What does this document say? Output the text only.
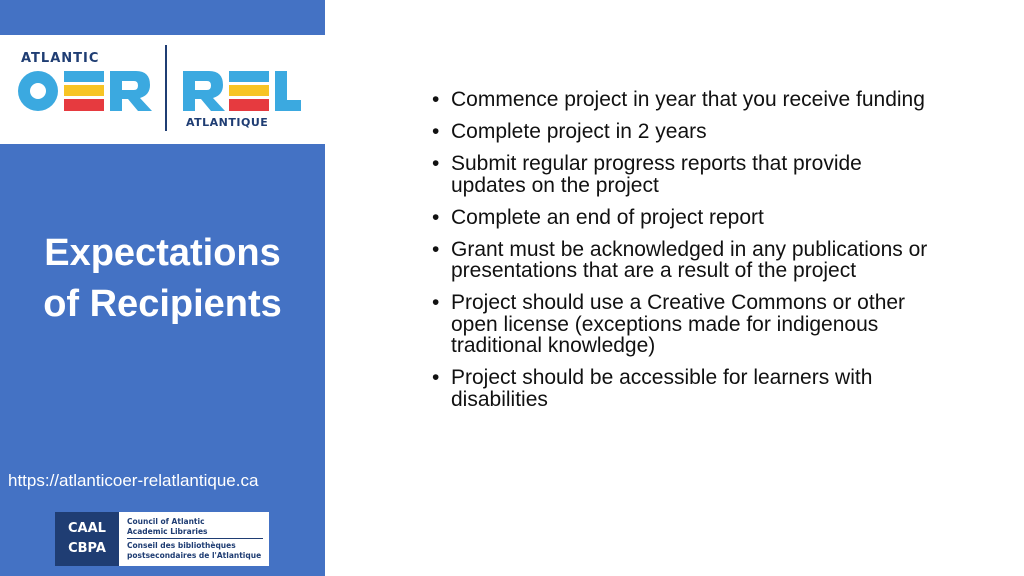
ATLANTIC
ATLANTIQUE
Expectations
of Recipients
https://atlanticoer-relatlantique.ca
CAAL
CBPA
Council of Atlantic
Academic Libraries
Conseil des bibliothèques
postsecondaires de l'Atlantique
• Commence project in year that you receive funding
• Complete project in 2 years
• Submit regular progress reports that provide updates on the project
• Complete an end of project report
• Grant must be acknowledged in any publications or presentations that are a result of the project
• Project should use a Creative Commons or other open license (exceptions made for indigenous traditional knowledge)
• Project should be accessible for learners with disabilities
